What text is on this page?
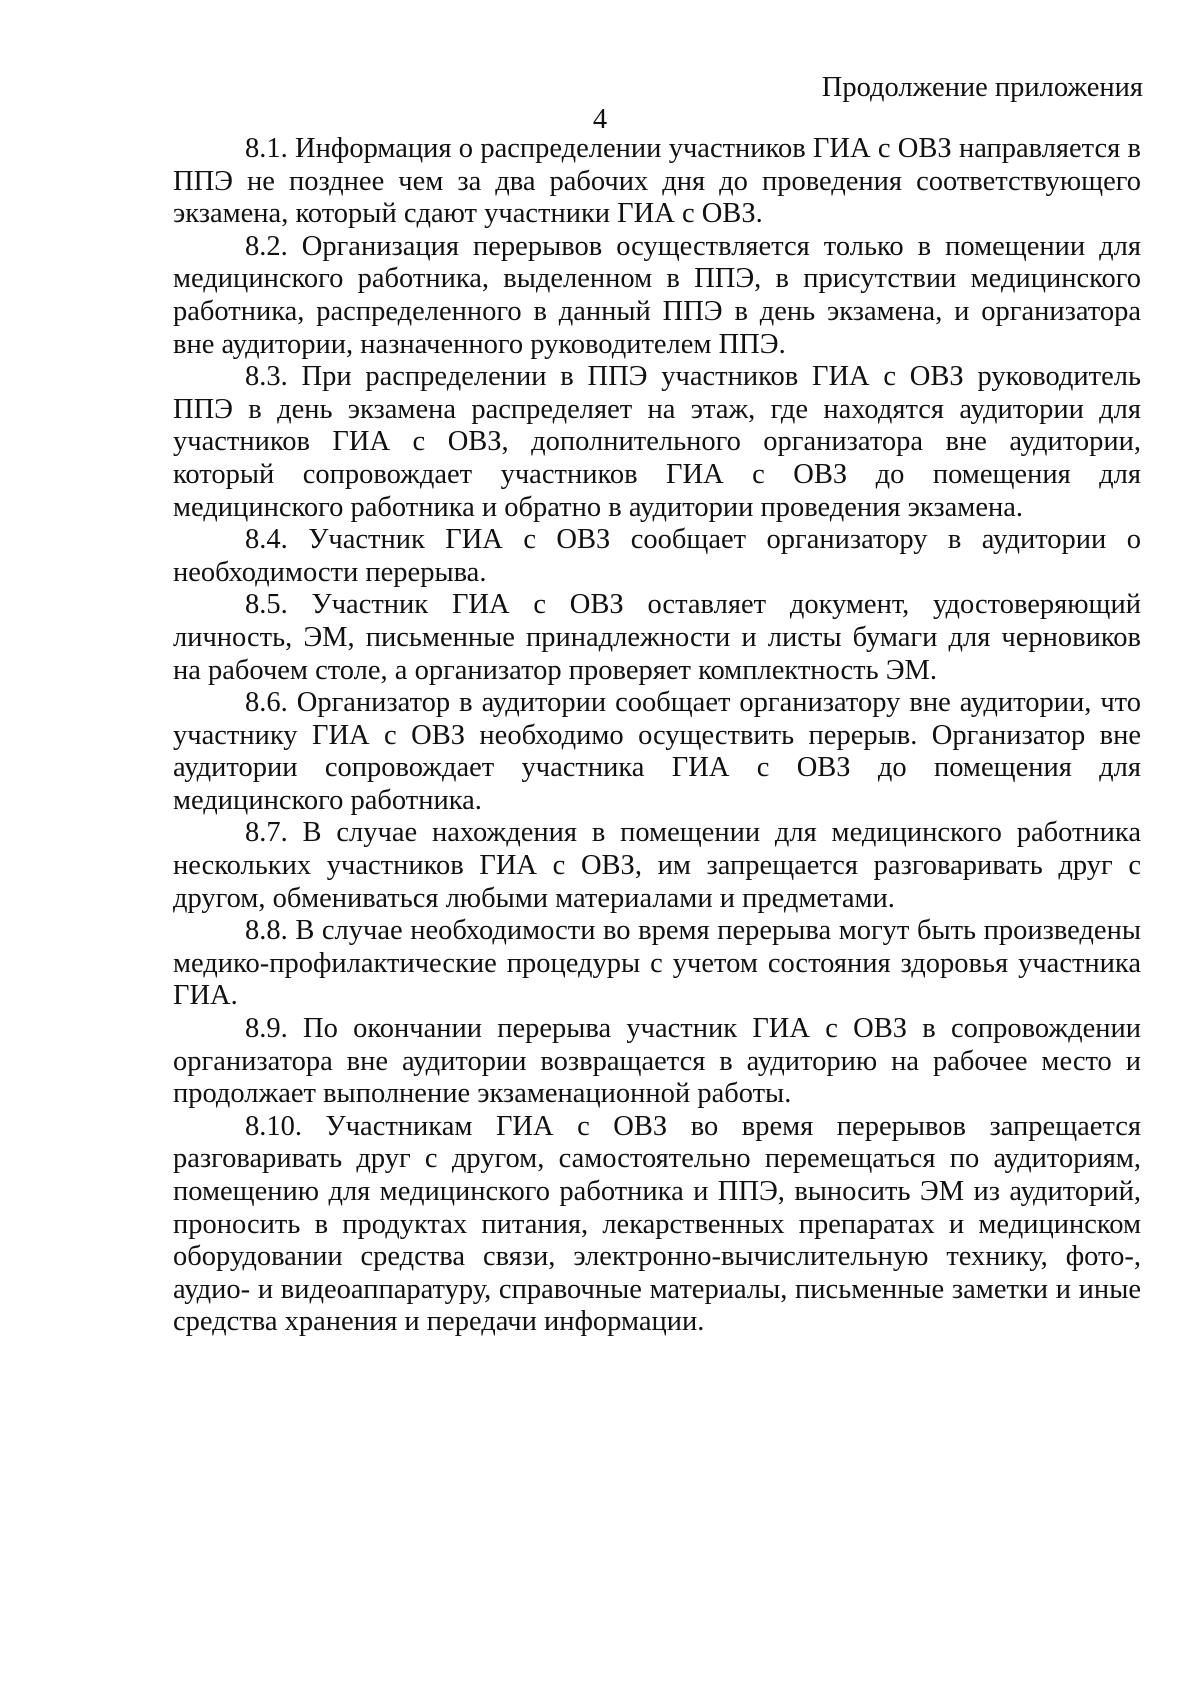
Продолжение приложения
4

8.1. Информация о распределении участников ГИА с ОВЗ направляется в ППЭ не позднее чем за два рабочих дня до проведения соответствующего экзамена, который сдают участники ГИА с ОВЗ.

8.2. Организация перерывов осуществляется только в помещении для медицинского работника, выделенном в ППЭ, в присутствии медицинского работника, распределенного в данный ППЭ в день экзамена, и организатора вне аудитории, назначенного руководителем ППЭ.

8.3. При распределении в ППЭ участников ГИА с ОВЗ руководитель ППЭ в день экзамена распределяет на этаж, где находятся аудитории для участников ГИА с ОВЗ, дополнительного организатора вне аудитории, который сопровождает участников ГИА с ОВЗ до помещения для медицинского работника и обратно в аудитории проведения экзамена.

8.4. Участник ГИА с ОВЗ сообщает организатору в аудитории о необходимости перерыва.

8.5. Участник ГИА с ОВЗ оставляет документ, удостоверяющий личность, ЭМ, письменные принадлежности и листы бумаги для черновиков на рабочем столе, а организатор проверяет комплектность ЭМ.

8.6. Организатор в аудитории сообщает организатору вне аудитории, что участнику ГИА с ОВЗ необходимо осуществить перерыв. Организатор вне аудитории сопровождает участника ГИА с ОВЗ до помещения для медицинского работника.

8.7. В случае нахождения в помещении для медицинского работника нескольких участников ГИА с ОВЗ, им запрещается разговаривать друг с другом, обмениваться любыми материалами и предметами.

8.8. В случае необходимости во время перерыва могут быть произведены медико-профилактические процедуры с учетом состояния здоровья участника ГИА.

8.9. По окончании перерыва участник ГИА с ОВЗ в сопровождении организатора вне аудитории возвращается в аудиторию на рабочее место и продолжает выполнение экзаменационной работы.

8.10. Участникам ГИА с ОВЗ во время перерывов запрещается разговаривать друг с другом, самостоятельно перемещаться по аудиториям, помещению для медицинского работника и ППЭ, выносить ЭМ из аудиторий, проносить в продуктах питания, лекарственных препаратах и медицинском оборудовании средства связи, электронно-вычислительную технику, фото-, аудио- и видеоаппаратуру, справочные материалы, письменные заметки и иные средства хранения и передачи информации.
